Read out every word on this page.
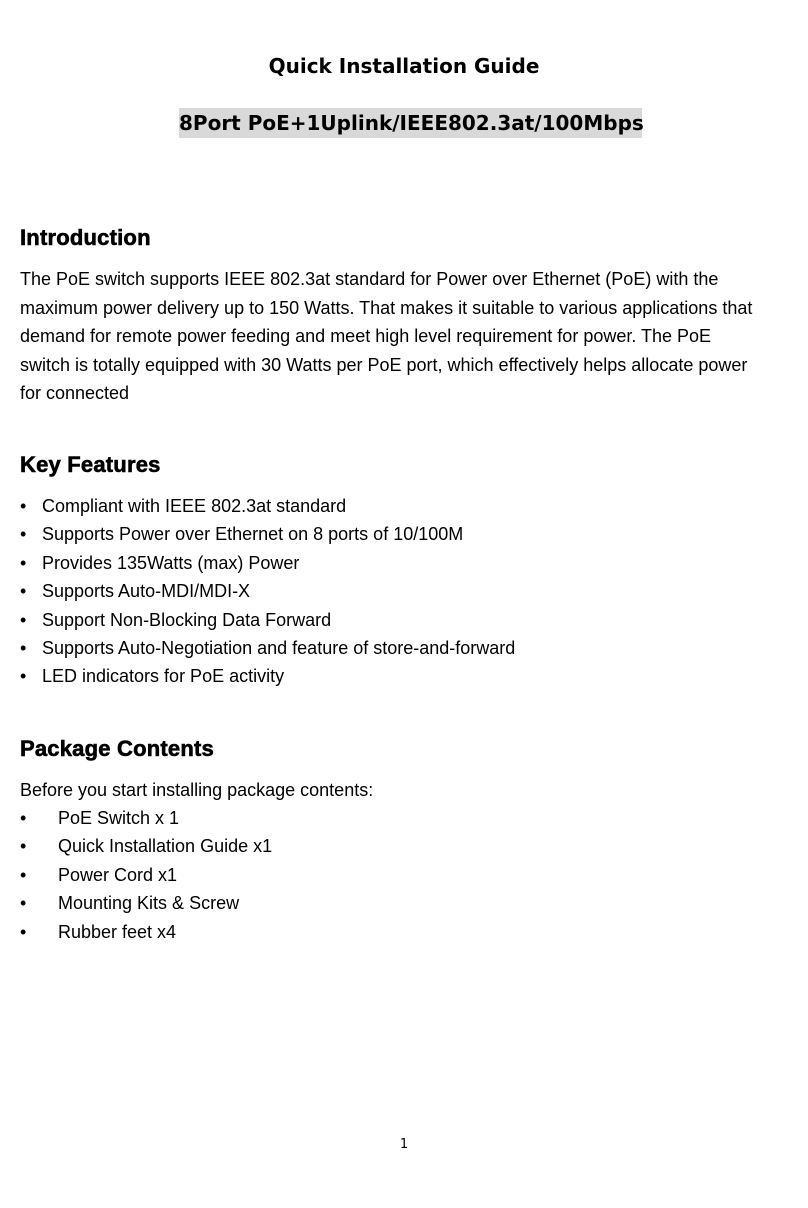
Quick Installation Guide
8Port PoE+1Uplink/IEEE802.3at/100Mbps
Introduction

The PoE switch supports IEEE 802.3at standard for Power over Ethernet (PoE) with the
maximum power delivery up to 150 Watts. That makes it suitable to various applications that
demand for remote power feeding and meet high level requirement for power. The PoE
switch is totally equipped with 30 Watts per PoE port, which effectively helps allocate power
for connected

Key Features
• Compliant with IEEE 802.3at standard
• Supports Power over Ethernet on 8 ports of 10/100M
• Provides 135Watts (max) Power
• Supports Auto-MDI/MDI-X
• Support Non-Blocking Data Forward
• Supports Auto-Negotiation and feature of store-and-forward
• LED indicators for PoE activity
Package Contents

Before you start installing package contents:

• PoE Switch x 1
• Quick Installation Guide x1
• Power Cord x1
• Mounting Kits & Screw
• Rubber feet x4
1
